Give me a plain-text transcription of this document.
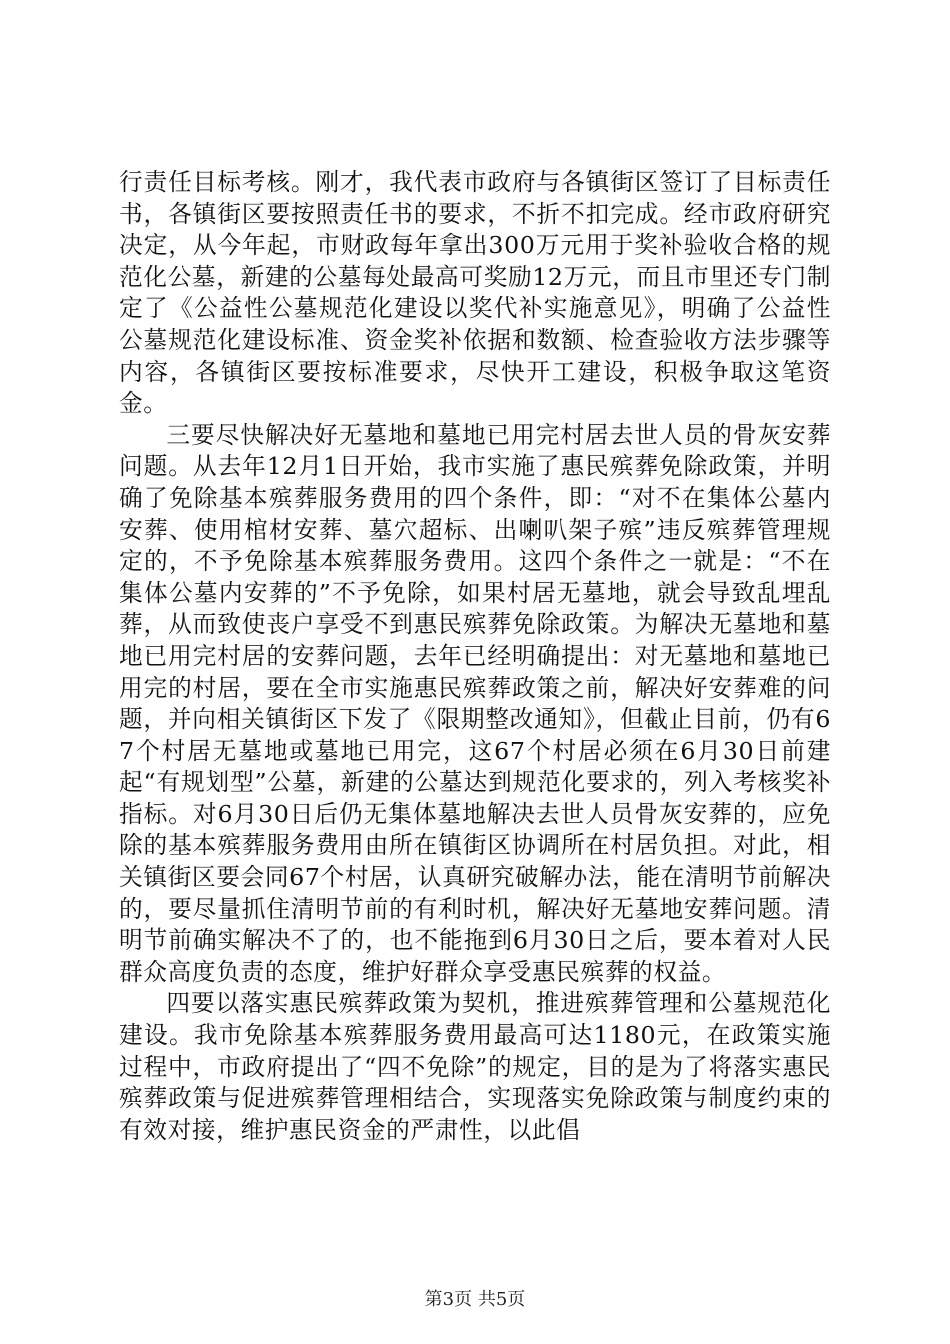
行责任目标考核。刚才，我代表市政府与各镇街区签订了目标责任书，各镇街区要按照责任书的要求，不折不扣完成。经市政府研究决定，从今年起，市财政每年拿出300万元用于奖补验收合格的规范化公墓，新建的公墓每处最高可奖励12万元，而且市里还专门制定了《公益性公墓规范化建设以奖代补实施意见》，明确了公益性公墓规范化建设标准、资金奖补依据和数额、检查验收方法步骤等内容，各镇街区要按标准要求，尽快开工建设，积极争取这笔资金。

三要尽快解决好无墓地和墓地已用完村居去世人员的骨灰安葬问题。从去年12月1日开始，我市实施了惠民殡葬免除政策，并明确了免除基本殡葬服务费用的四个条件，即：“对不在集体公墓内安葬、使用棺材安葬、墓穴超标、出喇叭架子殡”违反殡葬管理规定的，不予免除基本殡葬服务费用。这四个条件之一就是：“不在集体公墓内安葬的”不予免除，如果村居无墓地，就会导致乱埋乱葬，从而致使丧户享受不到惠民殡葬免除政策。为解决无墓地和墓地已用完村居的安葬问题，去年已经明确提出：对无墓地和墓地已用完的村居，要在全市实施惠民殡葬政策之前，解决好安葬难的问题，并向相关镇街区下发了《限期整改通知》，但截止目前，仍有67个村居无墓地或墓地已用完，这67个村居必须在6月30日前建起“有规划型”公墓，新建的公墓达到规范化要求的，列入考核奖补指标。对6月30日后仍无集体墓地解决去世人员骨灰安葬的，应免除的基本殡葬服务费用由所在镇街区协调所在村居负担。对此，相关镇街区要会同67个村居，认真研究破解办法，能在清明节前解决的，要尽量抓住清明节前的有利时机，解决好无墓地安葬问题。清明节前确实解决不了的，也不能拖到6月30日之后，要本着对人民群众高度负责的态度，维护好群众享受惠民殡葬的权益。

四要以落实惠民殡葬政策为契机，推进殡葬管理和公墓规范化建设。我市免除基本殡葬服务费用最高可达1180元，在政策实施过程中，市政府提出了“四不免除”的规定，目的是为了将落实惠民殡葬政策与促进殡葬管理相结合，实现落实免除政策与制度约束的有效对接，维护惠民资金的严肃性，以此倡

第3页 共5页
